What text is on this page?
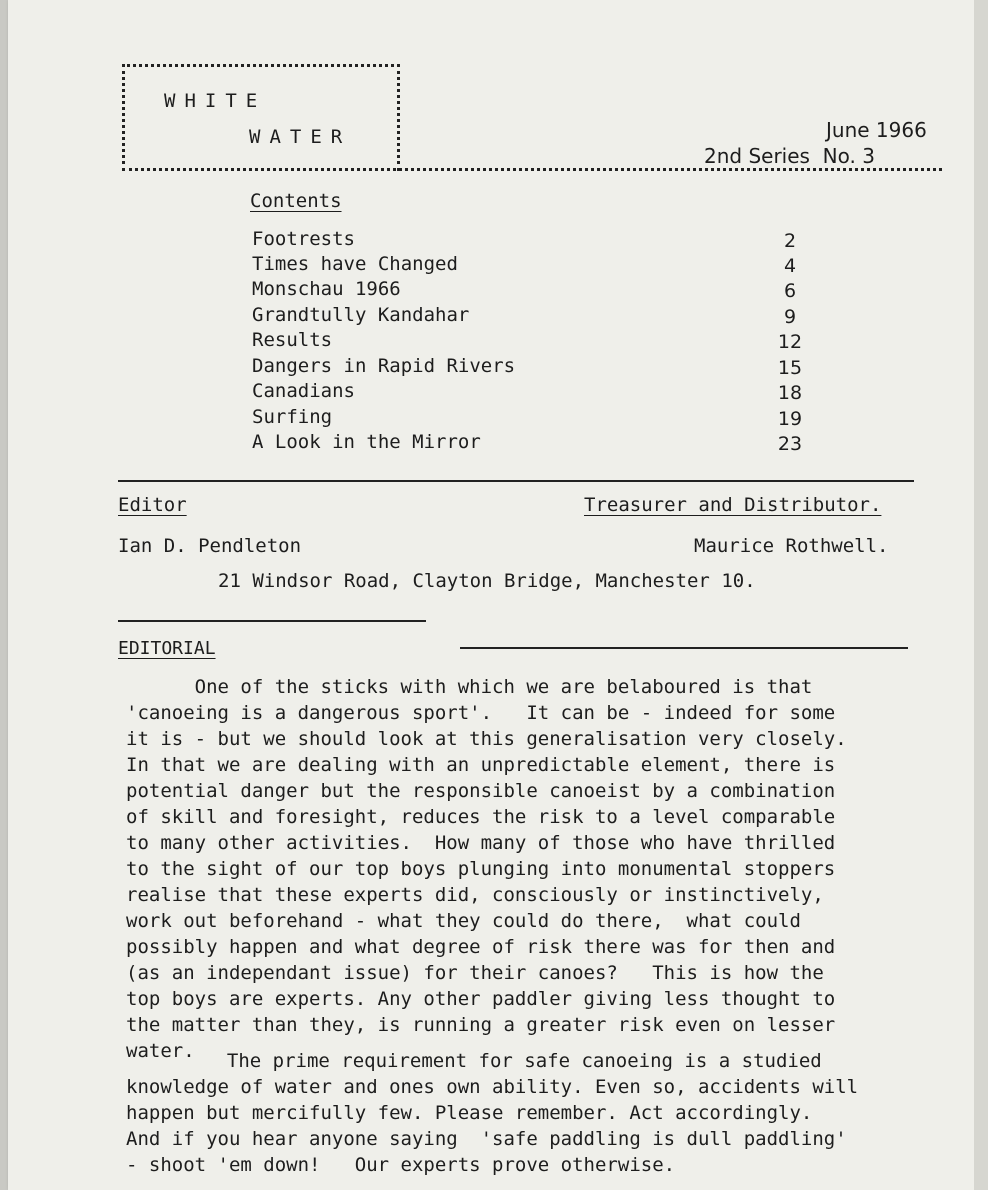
WHITE
WATER	June 1966
2nd Series  No. 3
Contents
Footrests	2
Times have Changed	4
Monschau 1966	6
Grandtully Kandahar	9
Results	12
Dangers in Rapid Rivers	15
Canadians	18
Surfing	19
A Look in the Mirror	23
Editor	Treasurer and Distributor.
Ian D. Pendleton	Maurice Rothwell.
21 Windsor Road, Clayton Bridge, Manchester 10.
EDITORIAL

One of the sticks with which we are belaboured is that

'canoeing is a dangerous sport'.   It can be - indeed for some

it is - but we should look at this generalisation very closely.

In that we are dealing with an unpredictable element, there is

potential danger but the responsible canoeist by a combination

of skill and foresight, reduces the risk to a level comparable

to many other activities.  How many of those who have thrilled

to the sight of our top boys plunging into monumental stoppers

realise that these experts did, consciously or instinctively,

work out beforehand - what they could do there,  what could

possibly happen and what degree of risk there was for then and

(as an independant issue) for their canoes?   This is how the

top boys are experts. Any other paddler giving less thought to

the matter than they, is running a greater risk even on lesser

water.

The prime requirement for safe canoeing is a studied

knowledge of water and ones own ability. Even so, accidents will

happen but mercifully few. Please remember. Act accordingly.

And if you hear anyone saying  'safe paddling is dull paddling'

- shoot 'em down!   Our experts prove otherwise.
